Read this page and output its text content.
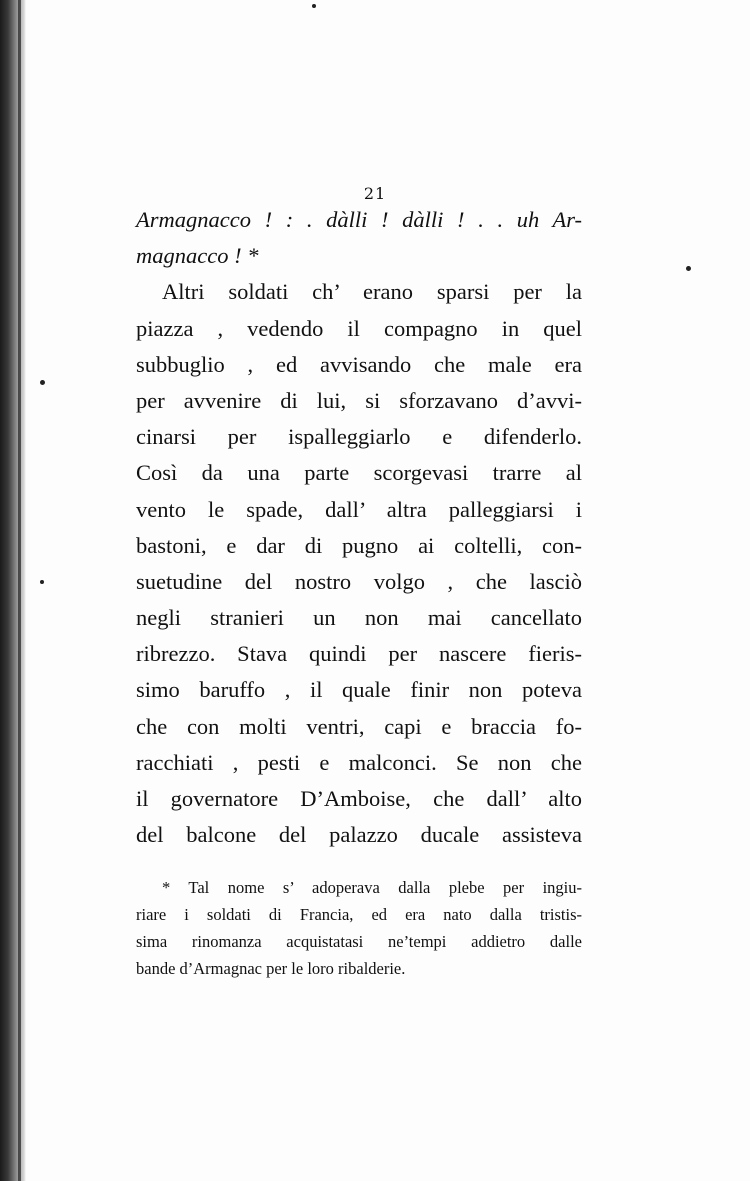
21
Armagnacco ! : . dàlli ! dàlli ! . . uh Ar-
magnacco ! *
Altri soldati ch’ erano sparsi per la
piazza , vedendo il compagno in quel
subbuglio , ed avvisando che male era
per avvenire di lui, si sforzavano d’avvi-
cinarsi per ispalleggiarlo e difenderlo.
Così da una parte scorgevasi trarre al
vento le spade, dall’ altra palleggiarsi i
bastoni, e dar di pugno ai coltelli, con-
suetudine del nostro volgo , che lasciò
negli stranieri un non mai cancellato
ribrezzo. Stava quindi per nascere fieris-
simo baruffo , il quale finir non poteva
che con molti ventri, capi e braccia fo-
racchiati , pesti e malconci. Se non che
il governatore D’Amboise, che dall’ alto
del balcone del palazzo ducale assisteva
* Tal nome s’ adoperava dalla plebe per ingiu-
riare i soldati di Francia, ed era nato dalla tristis-
sima rinomanza acquistatasi ne’tempi addietro dalle
bande d’Armagnac per le loro ribalderie.
